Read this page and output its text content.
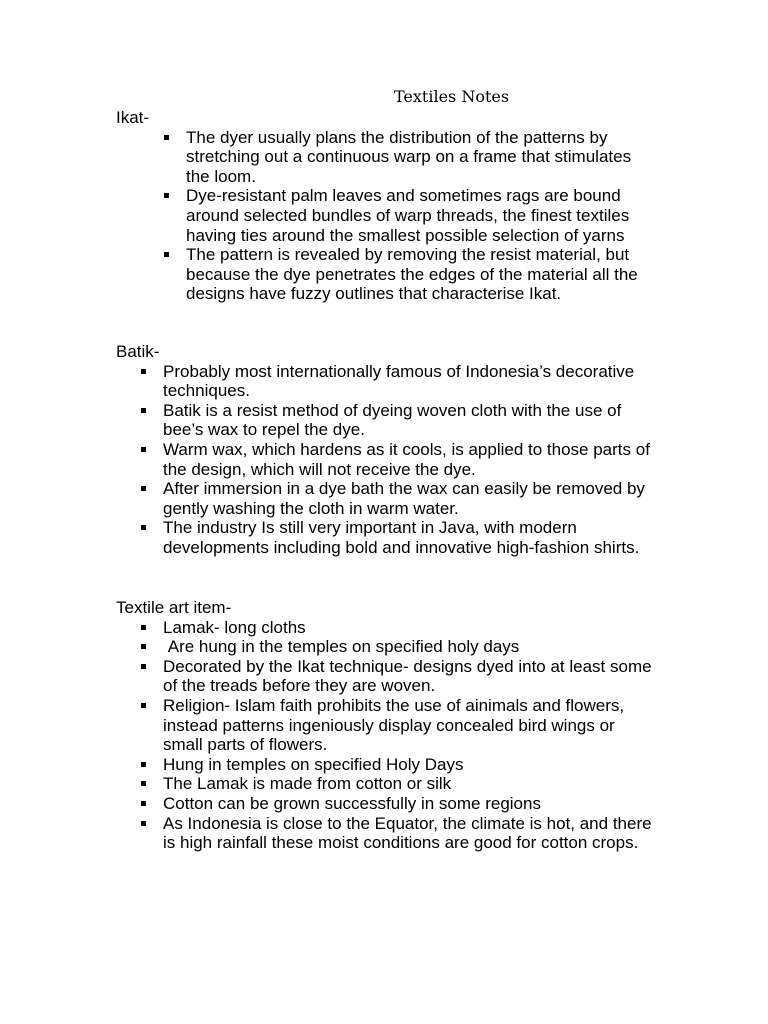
Textiles Notes

Ikat-

The dyer usually plans the distribution of the patterns by stretching out a continuous warp on a frame that stimulates the loom.
Dye-resistant palm leaves and sometimes rags are bound around selected bundles of warp threads, the finest textiles having ties around the smallest possible selection of yarns
The pattern is revealed by removing the resist material, but because the dye penetrates the edges of the material all the designs have fuzzy outlines that characterise Ikat.

Batik-

Probably most internationally famous of Indonesia’s decorative techniques.
Batik is a resist method of dyeing woven cloth with the use of bee’s wax to repel the dye.
Warm wax, which hardens as it cools, is applied to those parts of the design, which will not receive the dye.
After immersion in a dye bath the wax can easily be removed by gently washing the cloth in warm water.
The industry Is still very important in Java, with modern developments including bold and innovative high-fashion shirts.

Textile art item-

Lamak- long cloths
Are hung in the temples on specified holy days
Decorated by the Ikat technique- designs dyed into at least some of the treads before they are woven.
Religion- Islam faith prohibits the use of ainimals and flowers, instead patterns ingeniously display concealed bird wings or small parts of flowers.
Hung in temples on specified Holy Days
The Lamak is made from cotton or silk
Cotton can be grown successfully in some regions
As Indonesia is close to the Equator, the climate is hot, and there is high rainfall these moist conditions are good for cotton crops.
